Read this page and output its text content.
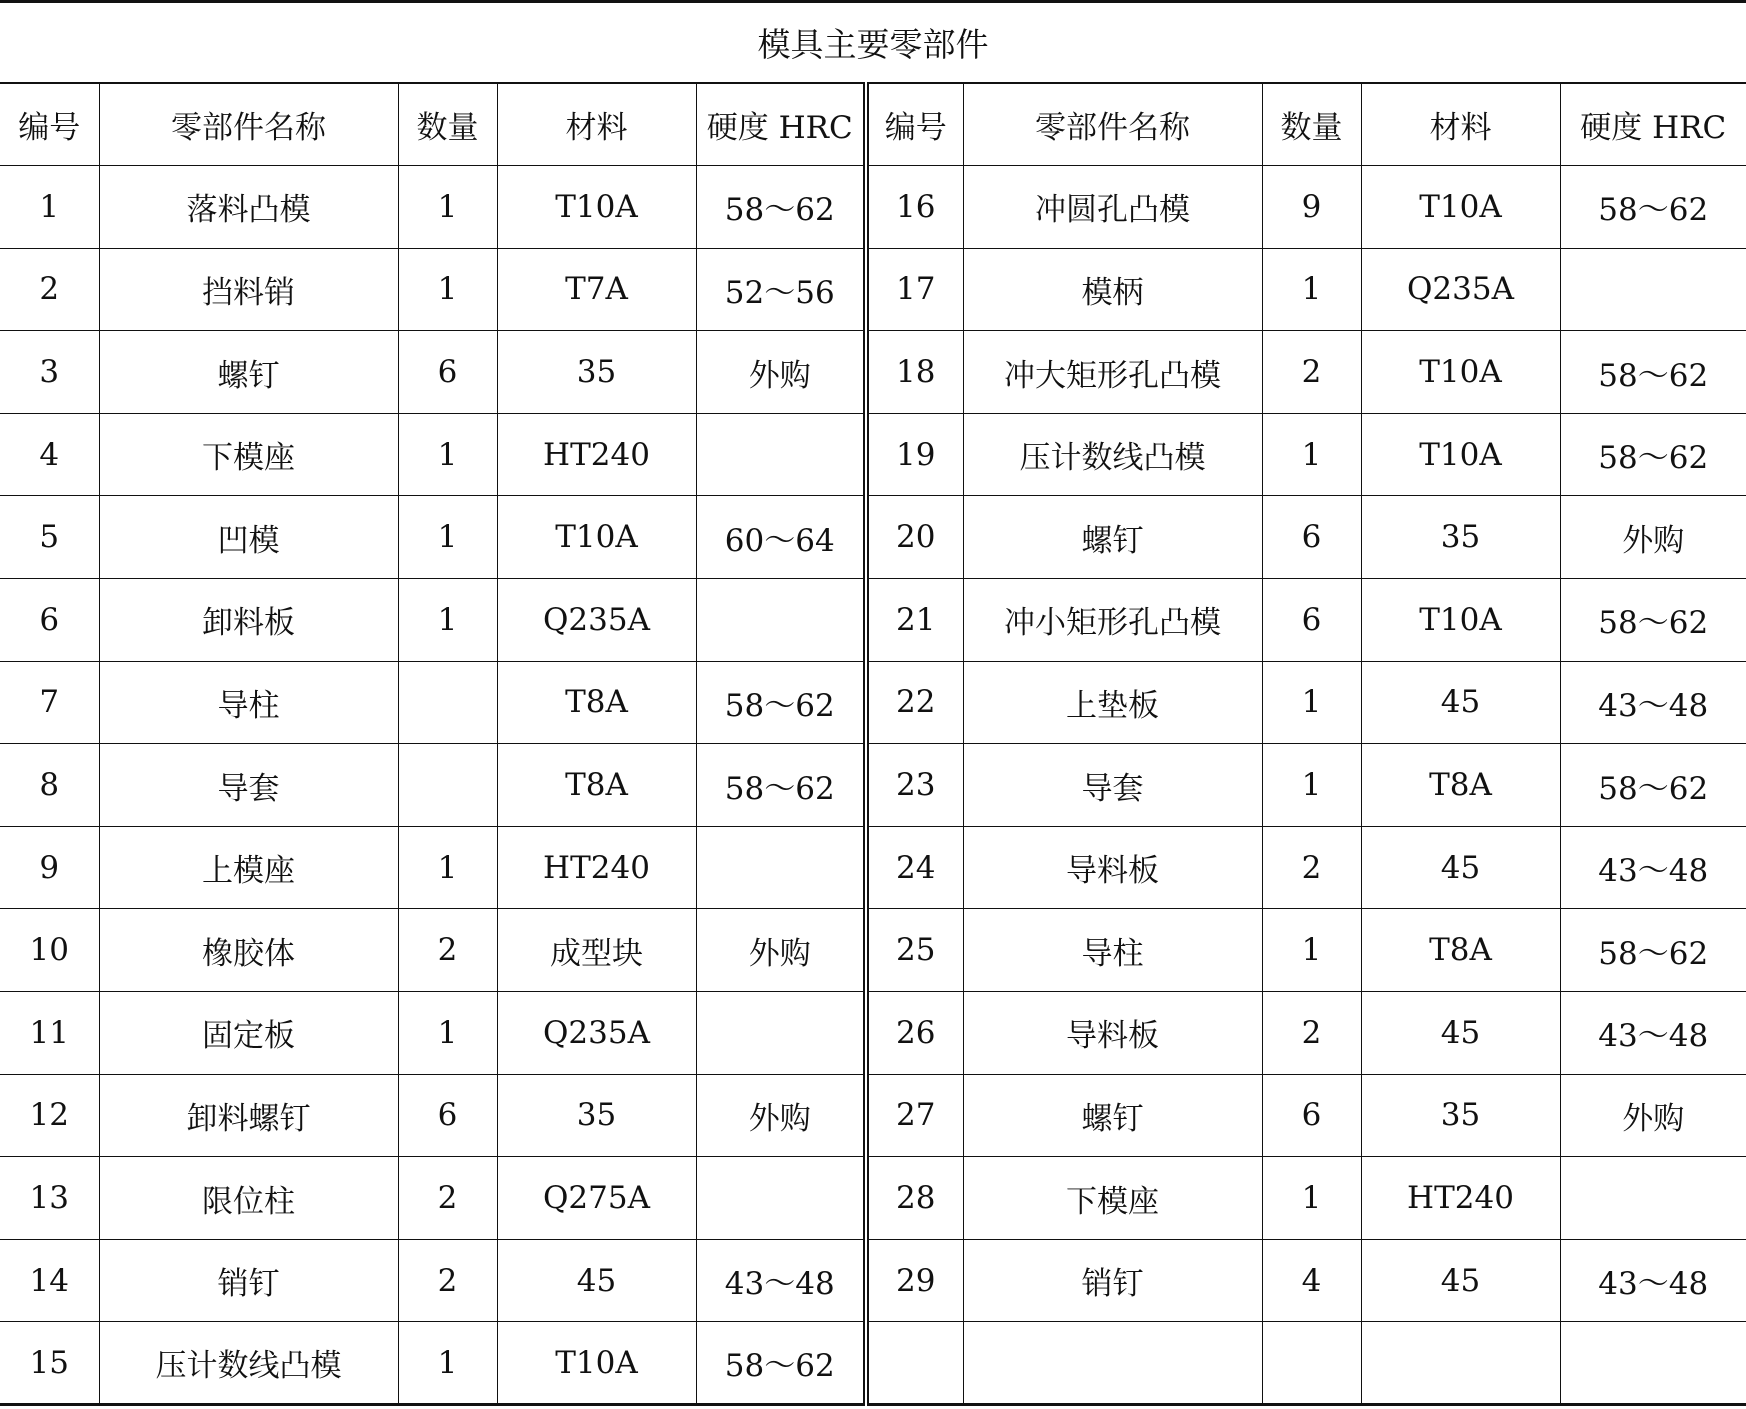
模具主要零部件
编号	零部件名称	数量	材料	硬度 HRC	编号	零部件名称	数量	材料	硬度 HRC
1	落料凸模	1	T10A	58～62	16	冲圆孔凸模	9	T10A	58～62
2	挡料销	1	T7A	52～56	17	模柄	1	Q235A	
3	螺钉	6	35	外购	18	冲大矩形孔凸模	2	T10A	58～62
4	下模座	1	HT240		19	压计数线凸模	1	T10A	58～62
5	凹模	1	T10A	60～64	20	螺钉	6	35	外购
6	卸料板	1	Q235A		21	冲小矩形孔凸模	6	T10A	58～62
7	导柱		T8A	58～62	22	上垫板	1	45	43～48
8	导套		T8A	58～62	23	导套	1	T8A	58～62
9	上模座	1	HT240		24	导料板	2	45	43～48
10	橡胶体	2	成型块	外购	25	导柱	1	T8A	58～62
11	固定板	1	Q235A		26	导料板	2	45	43～48
12	卸料螺钉	6	35	外购	27	螺钉	6	35	外购
13	限位柱	2	Q275A		28	下模座	1	HT240	
14	销钉	2	45	43～48	29	销钉	4	45	43～48
15	压计数线凸模	1	T10A	58～62					
